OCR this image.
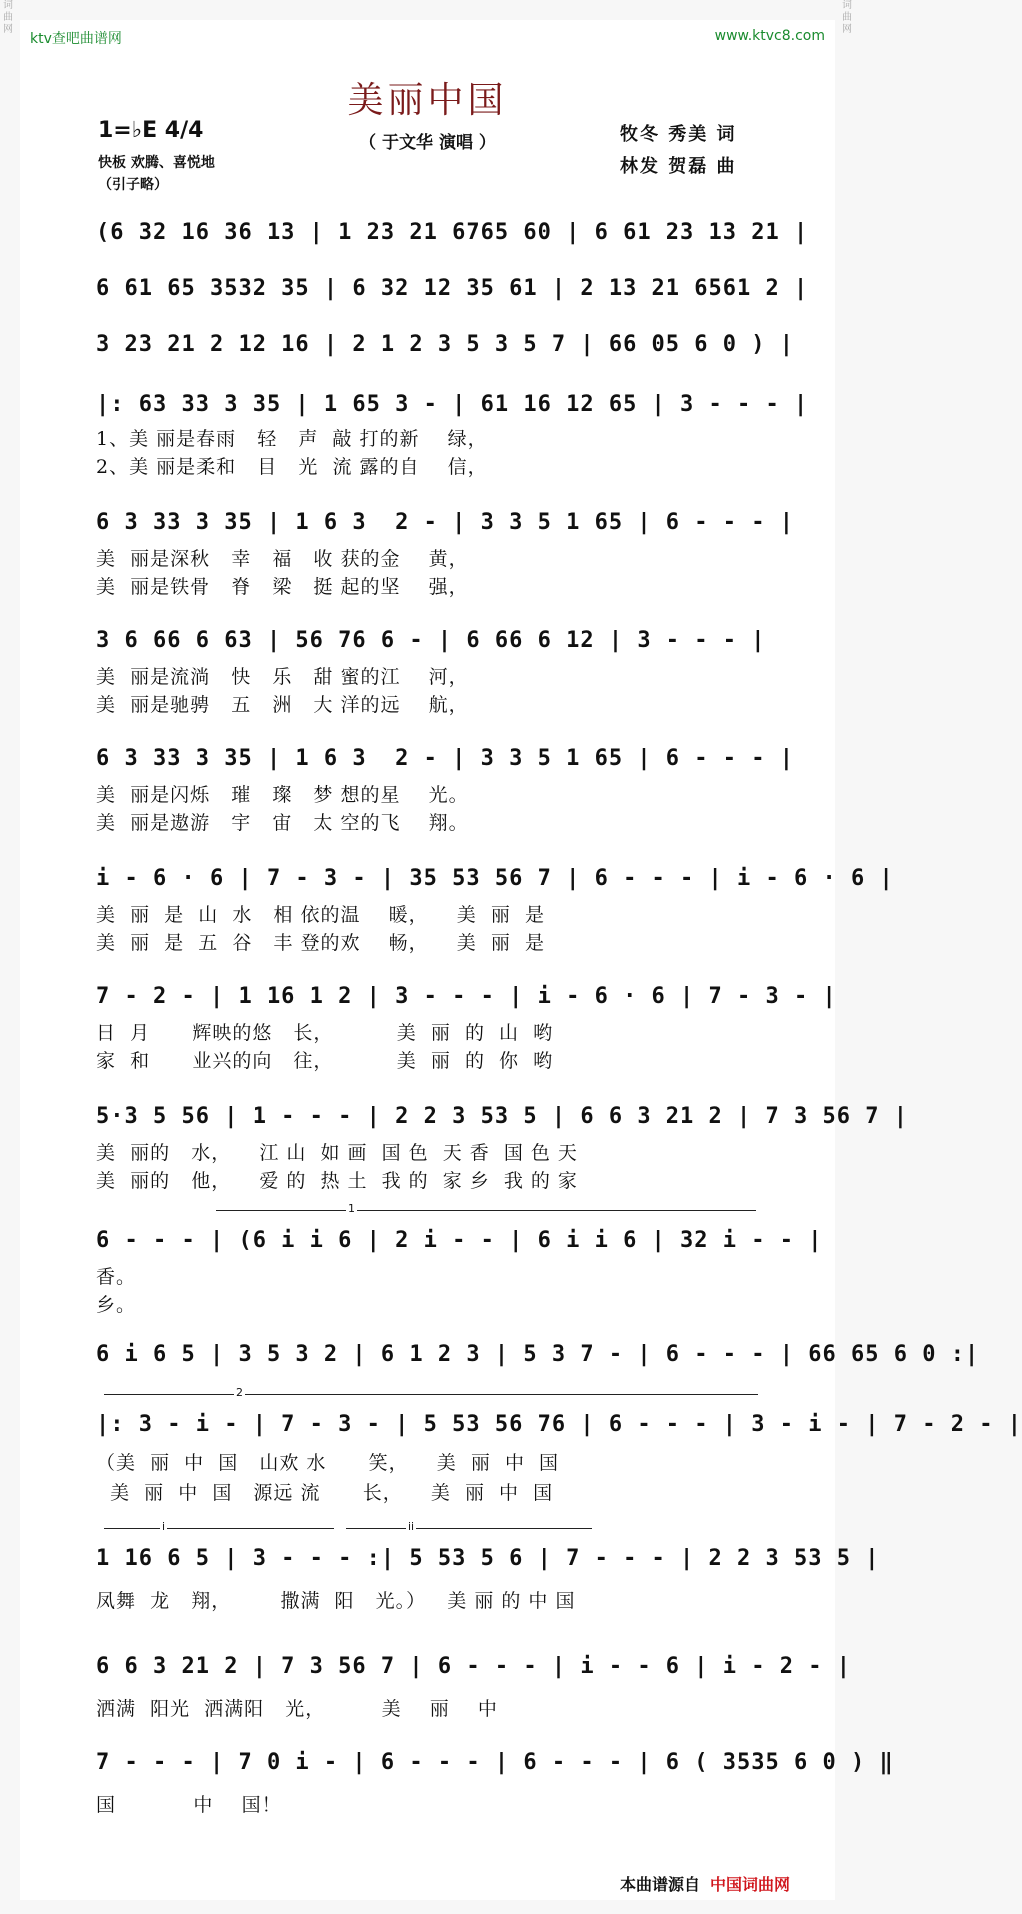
词
曲
网
词
曲
网
ktv查吧曲谱网	www.ktvc8.com
美丽中国
（ 于文华 演唱 ）
1=♭E 4/4
快板 欢腾、喜悦地
（引子略）
牧冬 秀美 词
林发 贺磊 曲
(6 32 16 36 13 | 1 23 21 6765 60 | 6 61 23 13 21 |
6 61 65 3532 35 | 6 32 12 35 61 | 2 13 21 6561 2 |
3 23 21 2 12 16 | 2 1 2 3 5 3 5 7 | 66 05 6 0 ) |
|: 63 33 3 35 | 1 65 3 - | 61 16 12 65 | 3 - - - |
1、美 丽是春雨   轻   声  敲 打的新    绿，
2、美 丽是柔和   目   光  流 露的自    信，
6 3 33 3 35 | 1 6 3  2 - | 3 3 5 1 65 | 6 - - - |
美  丽是深秋   幸   福   收 获的金    黄，
美  丽是铁骨   脊   梁   挺 起的坚    强，
3 6 66 6 63 | 56 76 6 - | 6 66 6 12 | 3 - - - |
美  丽是流淌   快   乐   甜 蜜的江    河，
美  丽是驰骋   五   洲   大 洋的远    航，
6 3 33 3 35 | 1 6 3  2 - | 3 3 5 1 65 | 6 - - - |
美  丽是闪烁   璀   璨   梦 想的星    光。
美  丽是遨游   宇   宙   太 空的飞    翔。
i - 6 · 6 | 7 - 3 - | 35 53 56 7 | 6 - - - | i - 6 · 6 |
美  丽  是  山  水   相 依的温    暖，    美  丽  是
美  丽  是  五  谷   丰 登的欢    畅，    美  丽  是
7 - 2 - | 1 16 1 2 | 3 - - - | i - 6 · 6 | 7 - 3 - |
日  月      辉映的悠   长，         美  丽  的  山  哟
家  和      业兴的向   往，         美  丽  的  你  哟
5·3 5 56 | 1 - - - | 2 2 3 53 5 | 6 6 3 21 2 | 7 3 56 7 |
美  丽的   水，    江 山  如 画  国 色  天 香  国 色 天
美  丽的   他，    爱 的  热 土  我 的  家 乡  我 的 家
1
6 - - - | (6 i i 6 | 2 i - - | 6 i i 6 | 32 i - - |
香。
乡。
6 i 6 5 | 3 5 3 2 | 6 1 2 3 | 5 3 7 - | 6 - - - | 66 65 6 0 :|
2
|: 3 - i - | 7 - 3 - | 5 53 56 76 | 6 - - - | 3 - i - | 7 - 2 - |
（美  丽  中  国   山欢 水      笑，    美  丽  中  国
美  丽  中  国   源远 流      长，    美  丽  中  国
i	ii
1 16 6 5 | 3 - - - :| 5 53 5 6 | 7 - - - | 2 2 3 53 5 |
凤舞  龙   翔，       撒满  阳   光。）   美 丽 的 中 国
6 6 3 21 2 | 7 3 56 7 | 6 - - - | i - - 6 | i - 2 - |
洒满  阳光  洒满阳   光，        美    丽    中
7 - - - | 7 0 i - | 6 - - - | 6 - - - | 6 ( 3535 6 0 ) ‖
国           中    国！
本曲谱源自 中国词曲网
